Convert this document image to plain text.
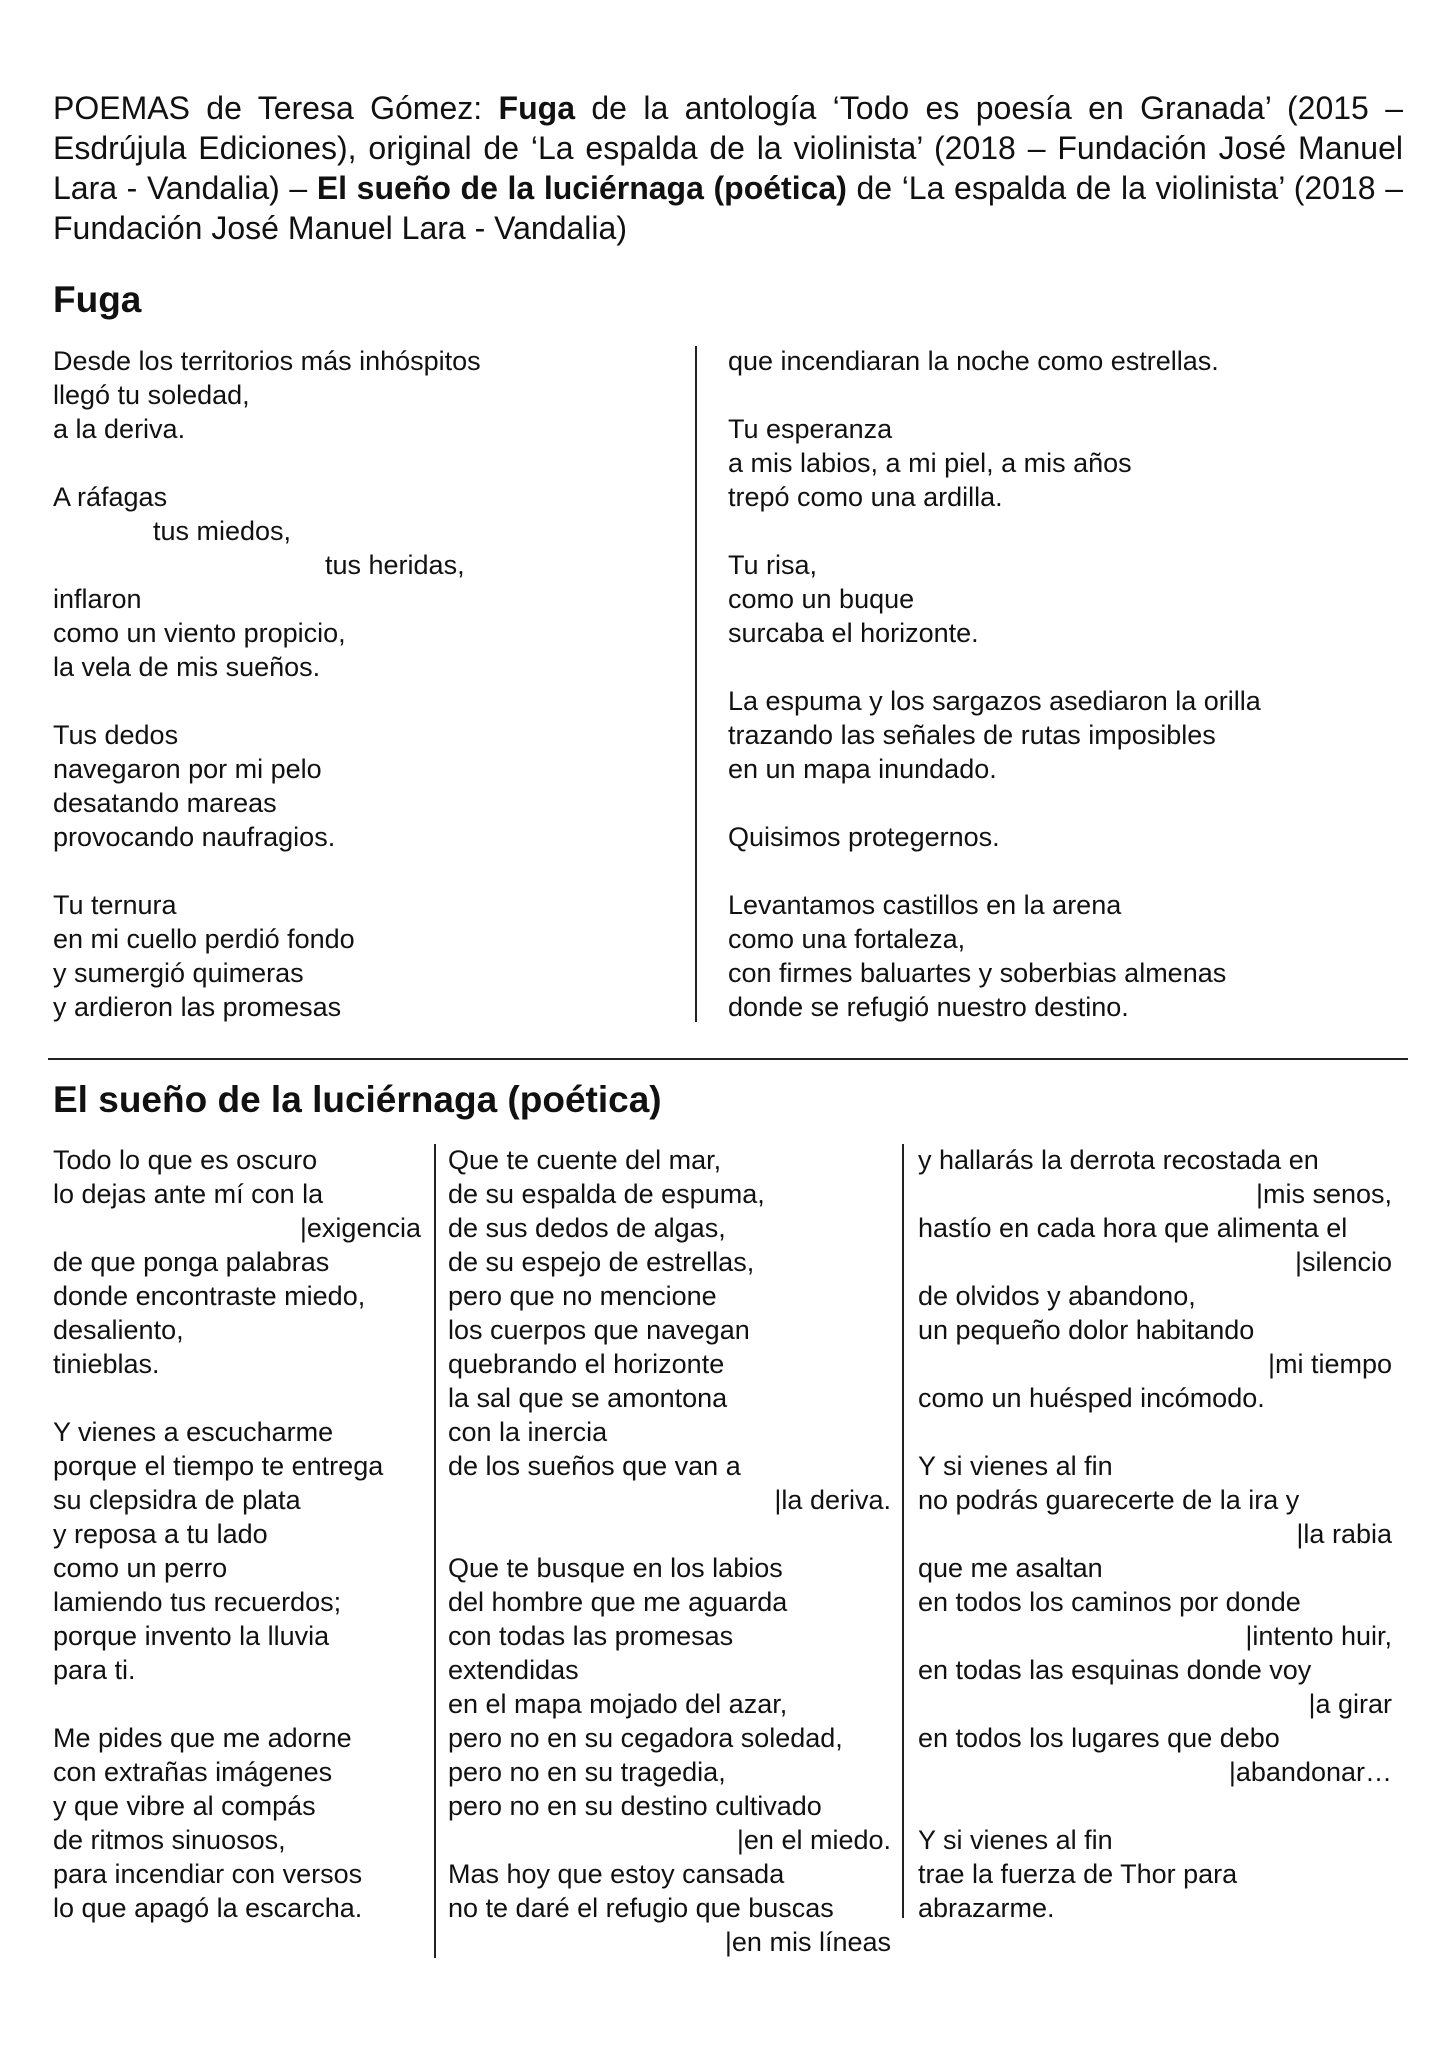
POEMAS de Teresa Gómez: Fuga de la antología ‘Todo es poesía en Granada’ (2015 – Esdrújula Ediciones), original de ‘La espalda de la violinista’ (2018 – Fundación José Manuel Lara - Vandalia) – El sueño de la luciérnaga (poética) de ‘La espalda de la violinista’ (2018 – Fundación José Manuel Lara - Vandalia)

Fuga
Desde los territorios más inhóspitos
llegó tu soledad,
a la deriva.
A ráfagas
tus miedos,
tus heridas,
inflaron
como un viento propicio,
la vela de mis sueños.
Tus dedos
navegaron por mi pelo
desatando mareas
provocando naufragios.
Tu ternura
en mi cuello perdió fondo
y sumergió quimeras
y ardieron las promesas
que incendiaran la noche como estrellas.
Tu esperanza
a mis labios, a mi piel, a mis años
trepó como una ardilla.
Tu risa,
como un buque
surcaba el horizonte.
La espuma y los sargazos asediaron la orilla
trazando las señales de rutas imposibles
en un mapa inundado.
Quisimos protegernos.
Levantamos castillos en la arena
como una fortaleza,
con firmes baluartes y soberbias almenas
donde se refugió nuestro destino.
El sueño de la luciérnaga (poética)
Todo lo que es oscuro
lo dejas ante mí con la
|exigencia
de que ponga palabras
donde encontraste miedo,
desaliento,
tinieblas.
Y vienes a escucharme
porque el tiempo te entrega
su clepsidra de plata
y reposa a tu lado
como un perro
lamiendo tus recuerdos;
porque invento la lluvia
para ti.
Me pides que me adorne
con extrañas imágenes
y que vibre al compás
de ritmos sinuosos,
para incendiar con versos
lo que apagó la escarcha.
Que te cuente del mar,
de su espalda de espuma,
de sus dedos de algas,
de su espejo de estrellas,
pero que no mencione
los cuerpos que navegan
quebrando el horizonte
la sal que se amontona
con la inercia
de los sueños que van a
|la deriva.
Que te busque en los labios
del hombre que me aguarda
con todas las promesas
extendidas
en el mapa mojado del azar,
pero no en su cegadora soledad,
pero no en su tragedia,
pero no en su destino cultivado
|en el miedo.
Mas hoy que estoy cansada
no te daré el refugio que buscas
|en mis líneas
y hallarás la derrota recostada en
|mis senos,
hastío en cada hora que alimenta el
|silencio
de olvidos y abandono,
un pequeño dolor habitando
|mi tiempo
como un huésped incómodo.
Y si vienes al fin
no podrás guarecerte de la ira y
|la rabia
que me asaltan
en todos los caminos por donde
|intento huir,
en todas las esquinas donde voy
|a girar
en todos los lugares que debo
|abandonar…
Y si vienes al fin
trae la fuerza de Thor para
abrazarme.
